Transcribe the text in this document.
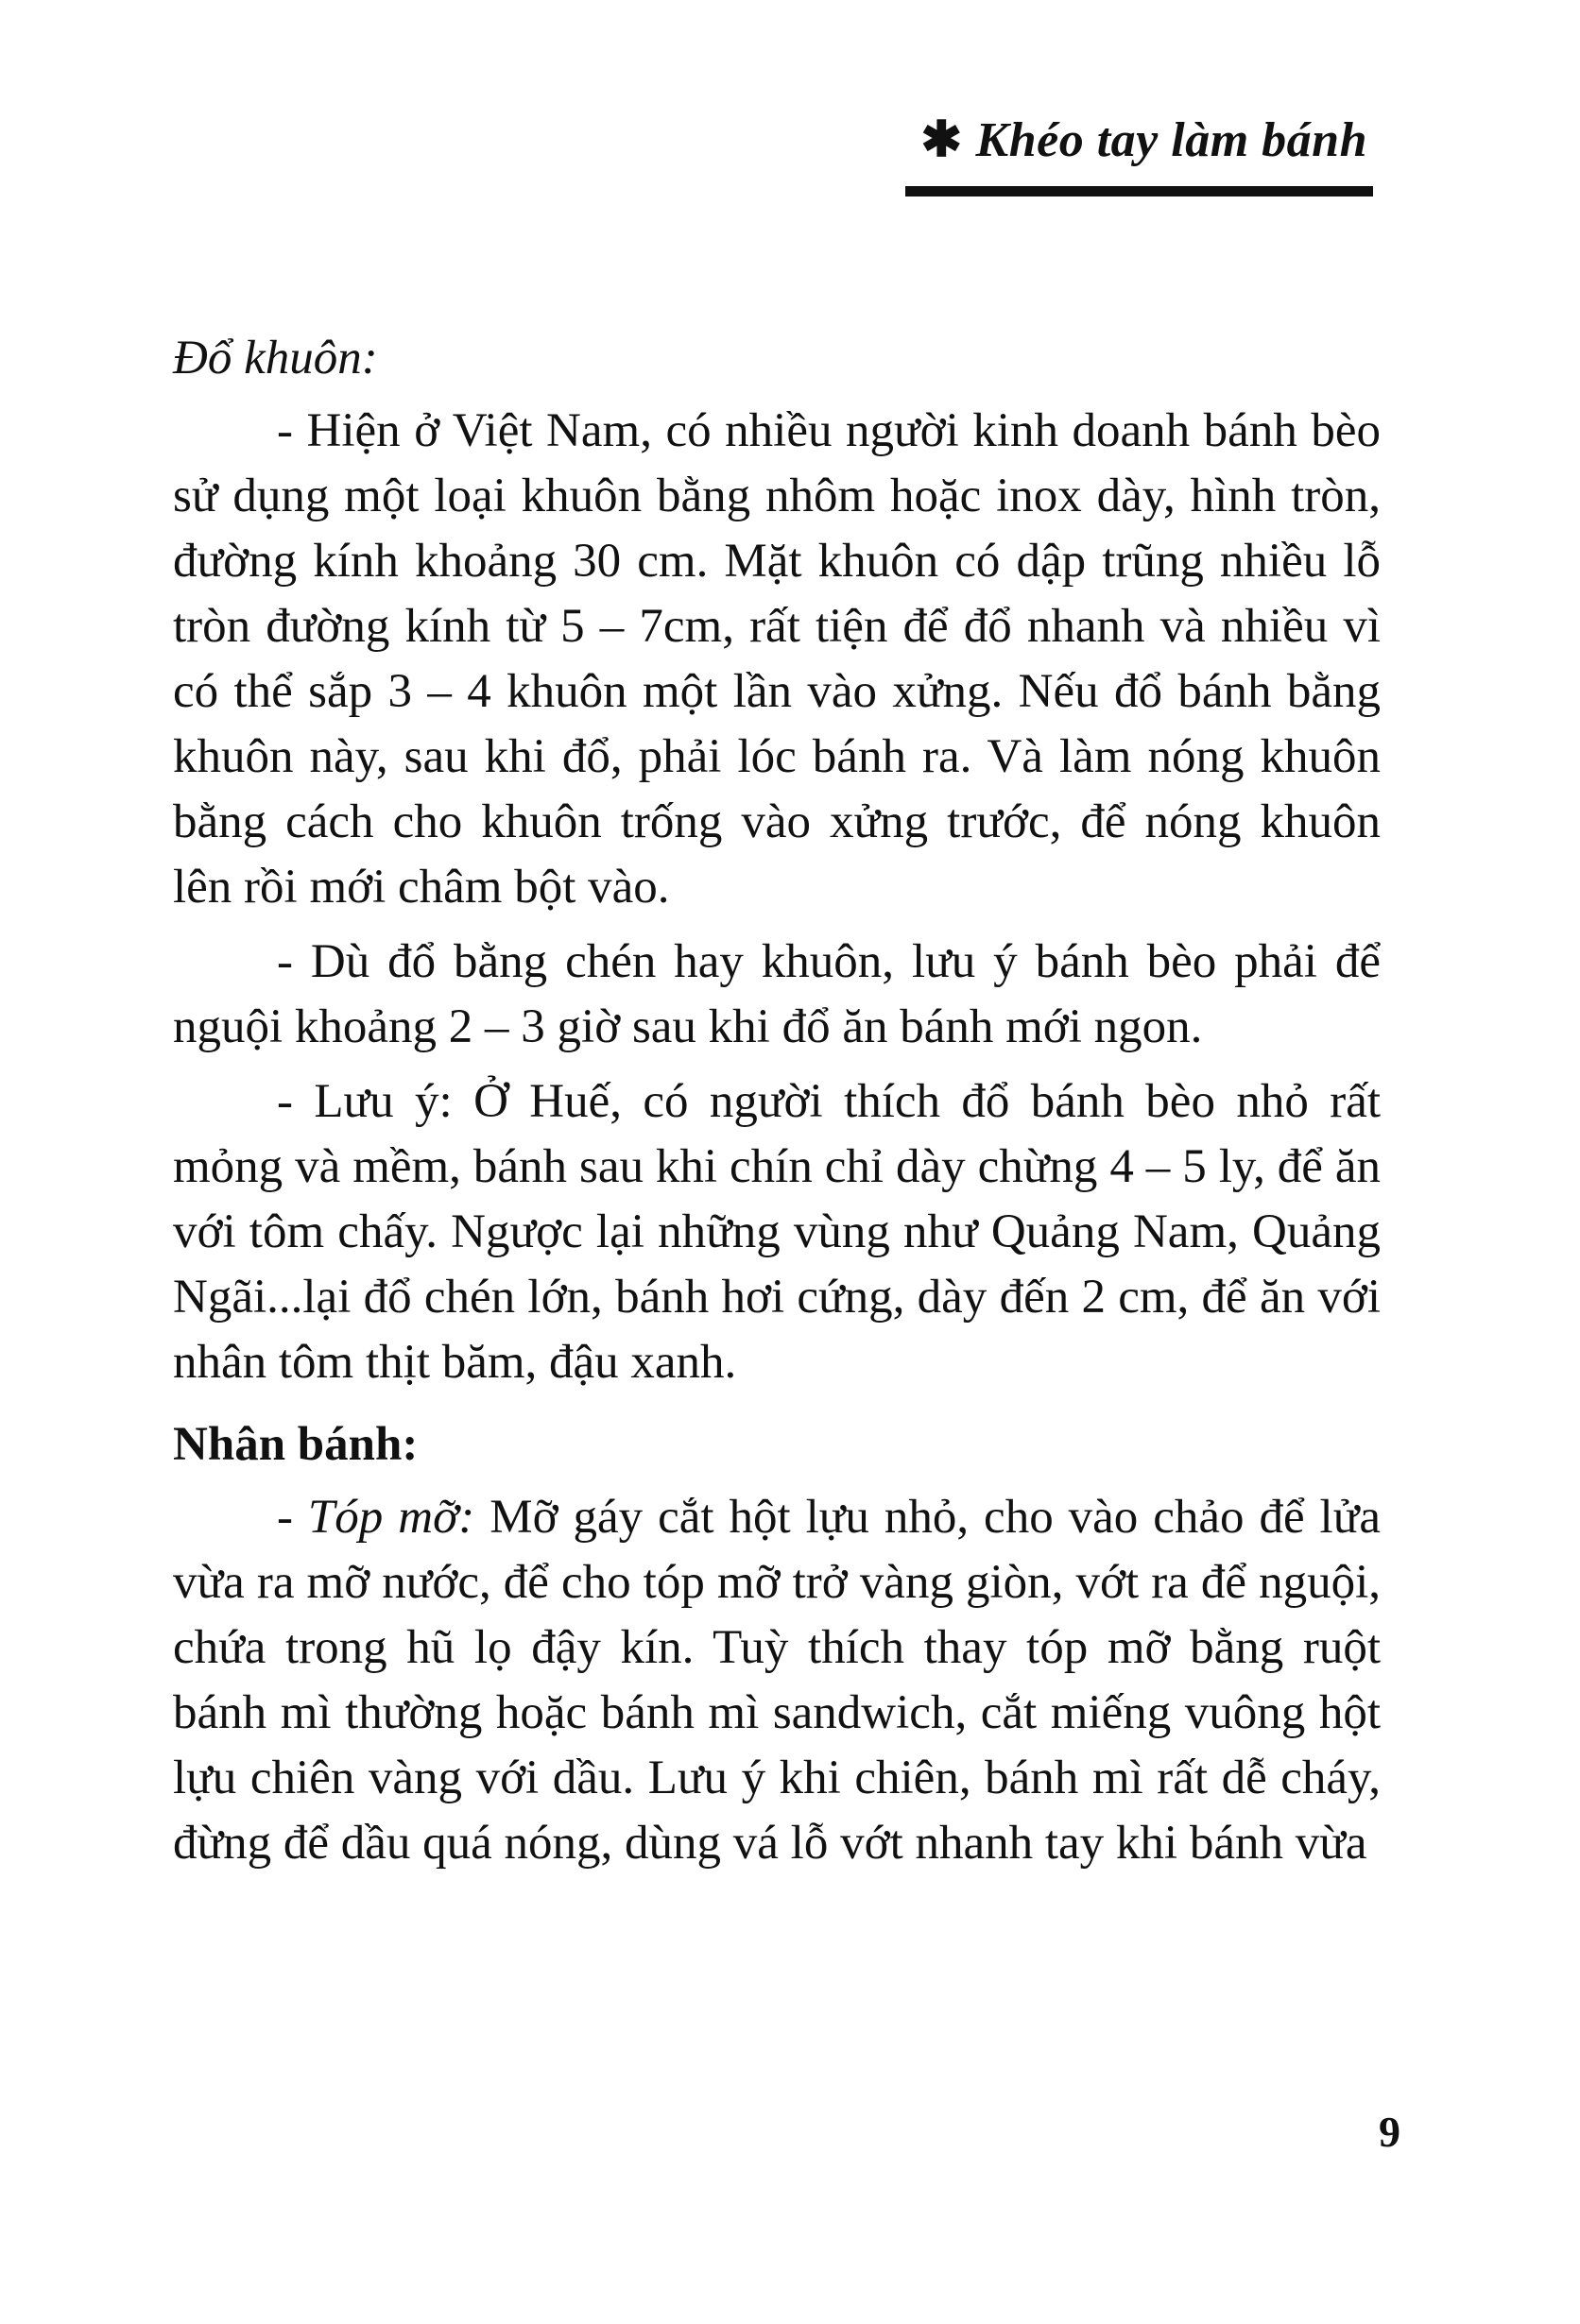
✱ Khéo tay làm bánh
Đổ khuôn:

- Hiện ở Việt Nam, có nhiều người kinh doanh bánh bèo sử dụng một loại khuôn bằng nhôm hoặc inox dày, hình tròn, đường kính khoảng 30 cm. Mặt khuôn có dập trũng nhiều lỗ tròn đường kính từ 5 – 7cm, rất tiện để đổ nhanh và nhiều vì có thể sắp 3 – 4 khuôn một lần vào xửng. Nếu đổ bánh bằng khuôn này, sau khi đổ, phải lóc bánh ra. Và làm nóng khuôn bằng cách cho khuôn trống vào xửng trước, để nóng khuôn lên rồi mới châm bột vào.

- Dù đổ bằng chén hay khuôn, lưu ý bánh bèo phải để nguội khoảng 2 – 3 giờ sau khi đổ ăn bánh mới ngon.

- Lưu ý: Ở Huế, có người thích đổ bánh bèo nhỏ rất mỏng và mềm, bánh sau khi chín chỉ dày chừng 4 – 5 ly, để ăn với tôm chấy. Ngược lại những vùng như Quảng Nam, Quảng Ngãi...lại đổ chén lớn, bánh hơi cứng, dày đến 2 cm, để ăn với nhân tôm thịt băm, đậu xanh.

Nhân bánh:

- Tóp mỡ: Mỡ gáy cắt hột lựu nhỏ, cho vào chảo để lửa vừa ra mỡ nước, để cho tóp mỡ trở vàng giòn, vớt ra để nguội, chứa trong hũ lọ đậy kín. Tuỳ thích thay tóp mỡ bằng ruột bánh mì thường hoặc bánh mì sandwich, cắt miếng vuông hột lựu chiên vàng với dầu. Lưu ý khi chiên, bánh mì rất dễ cháy, đừng để dầu quá nóng, dùng vá lỗ vớt nhanh tay khi bánh vừa

9
